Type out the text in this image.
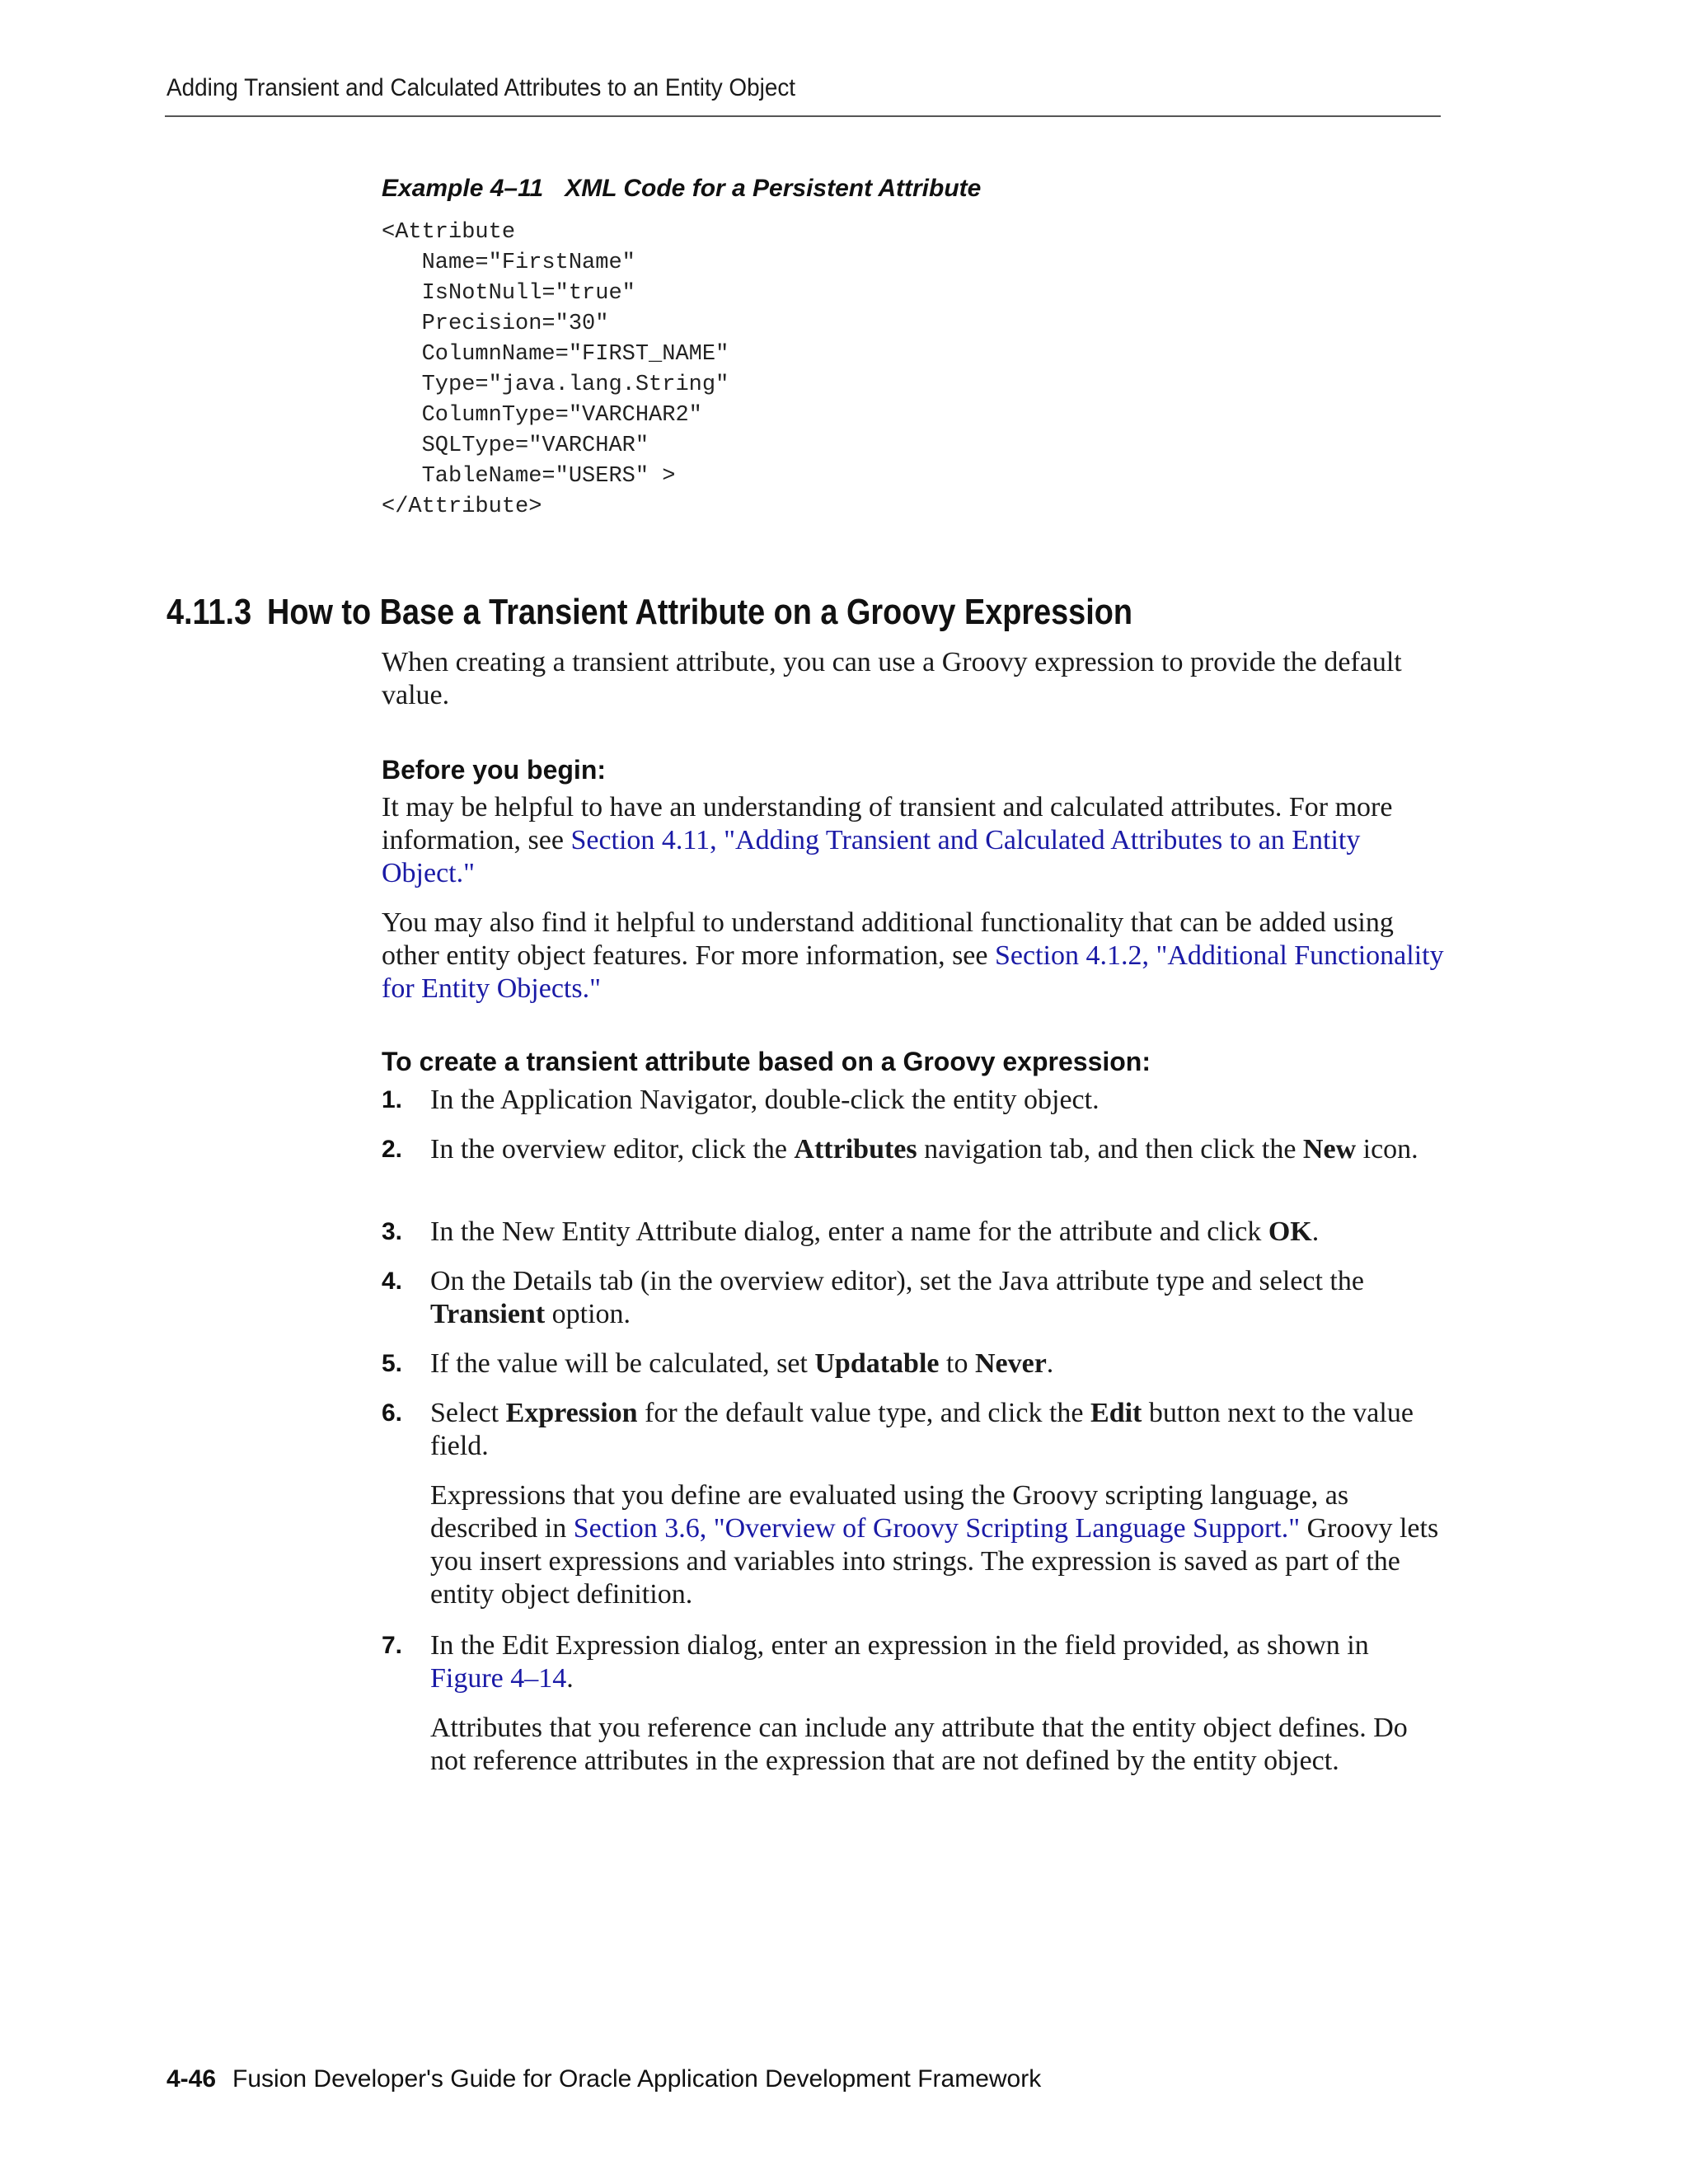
Adding Transient and Calculated Attributes to an Entity Object
Example 4–11 XML Code for a Persistent Attribute
<Attribute
Name="FirstName"
IsNotNull="true"
Precision="30"
ColumnName="FIRST_NAME"
Type="java.lang.String"
ColumnType="VARCHAR2"
SQLType="VARCHAR"
TableName="USERS" >
</Attribute>
4.11.3 How to Base a Transient Attribute on a Groovy Expression

When creating a transient attribute, you can use a Groovy expression to provide the default value.

Before you begin:

It may be helpful to have an understanding of transient and calculated attributes. For more information, see Section 4.11, "Adding Transient and Calculated Attributes to an Entity Object."

You may also find it helpful to understand additional functionality that can be added using other entity object features. For more information, see Section 4.1.2, "Additional Functionality for Entity Objects."

To create a transient attribute based on a Groovy expression:
1. In the Application Navigator, double-click the entity object.

2. In the overview editor, click the Attributes navigation tab, and then click the New icon.

3. In the New Entity Attribute dialog, enter a name for the attribute and click OK.

4. On the Details tab (in the overview editor), set the Java attribute type and select the Transient option.

5. If the value will be calculated, set Updatable to Never.

6. Select Expression for the default value type, and click the Edit button next to the value field.

Expressions that you define are evaluated using the Groovy scripting language, as described in Section 3.6, "Overview of Groovy Scripting Language Support." Groovy lets you insert expressions and variables into strings. The expression is saved as part of the entity object definition.

7. In the Edit Expression dialog, enter an expression in the field provided, as shown in Figure 4–14.

Attributes that you reference can include any attribute that the entity object defines. Do not reference attributes in the expression that are not defined by the entity object.

4-46 Fusion Developer's Guide for Oracle Application Development Framework
